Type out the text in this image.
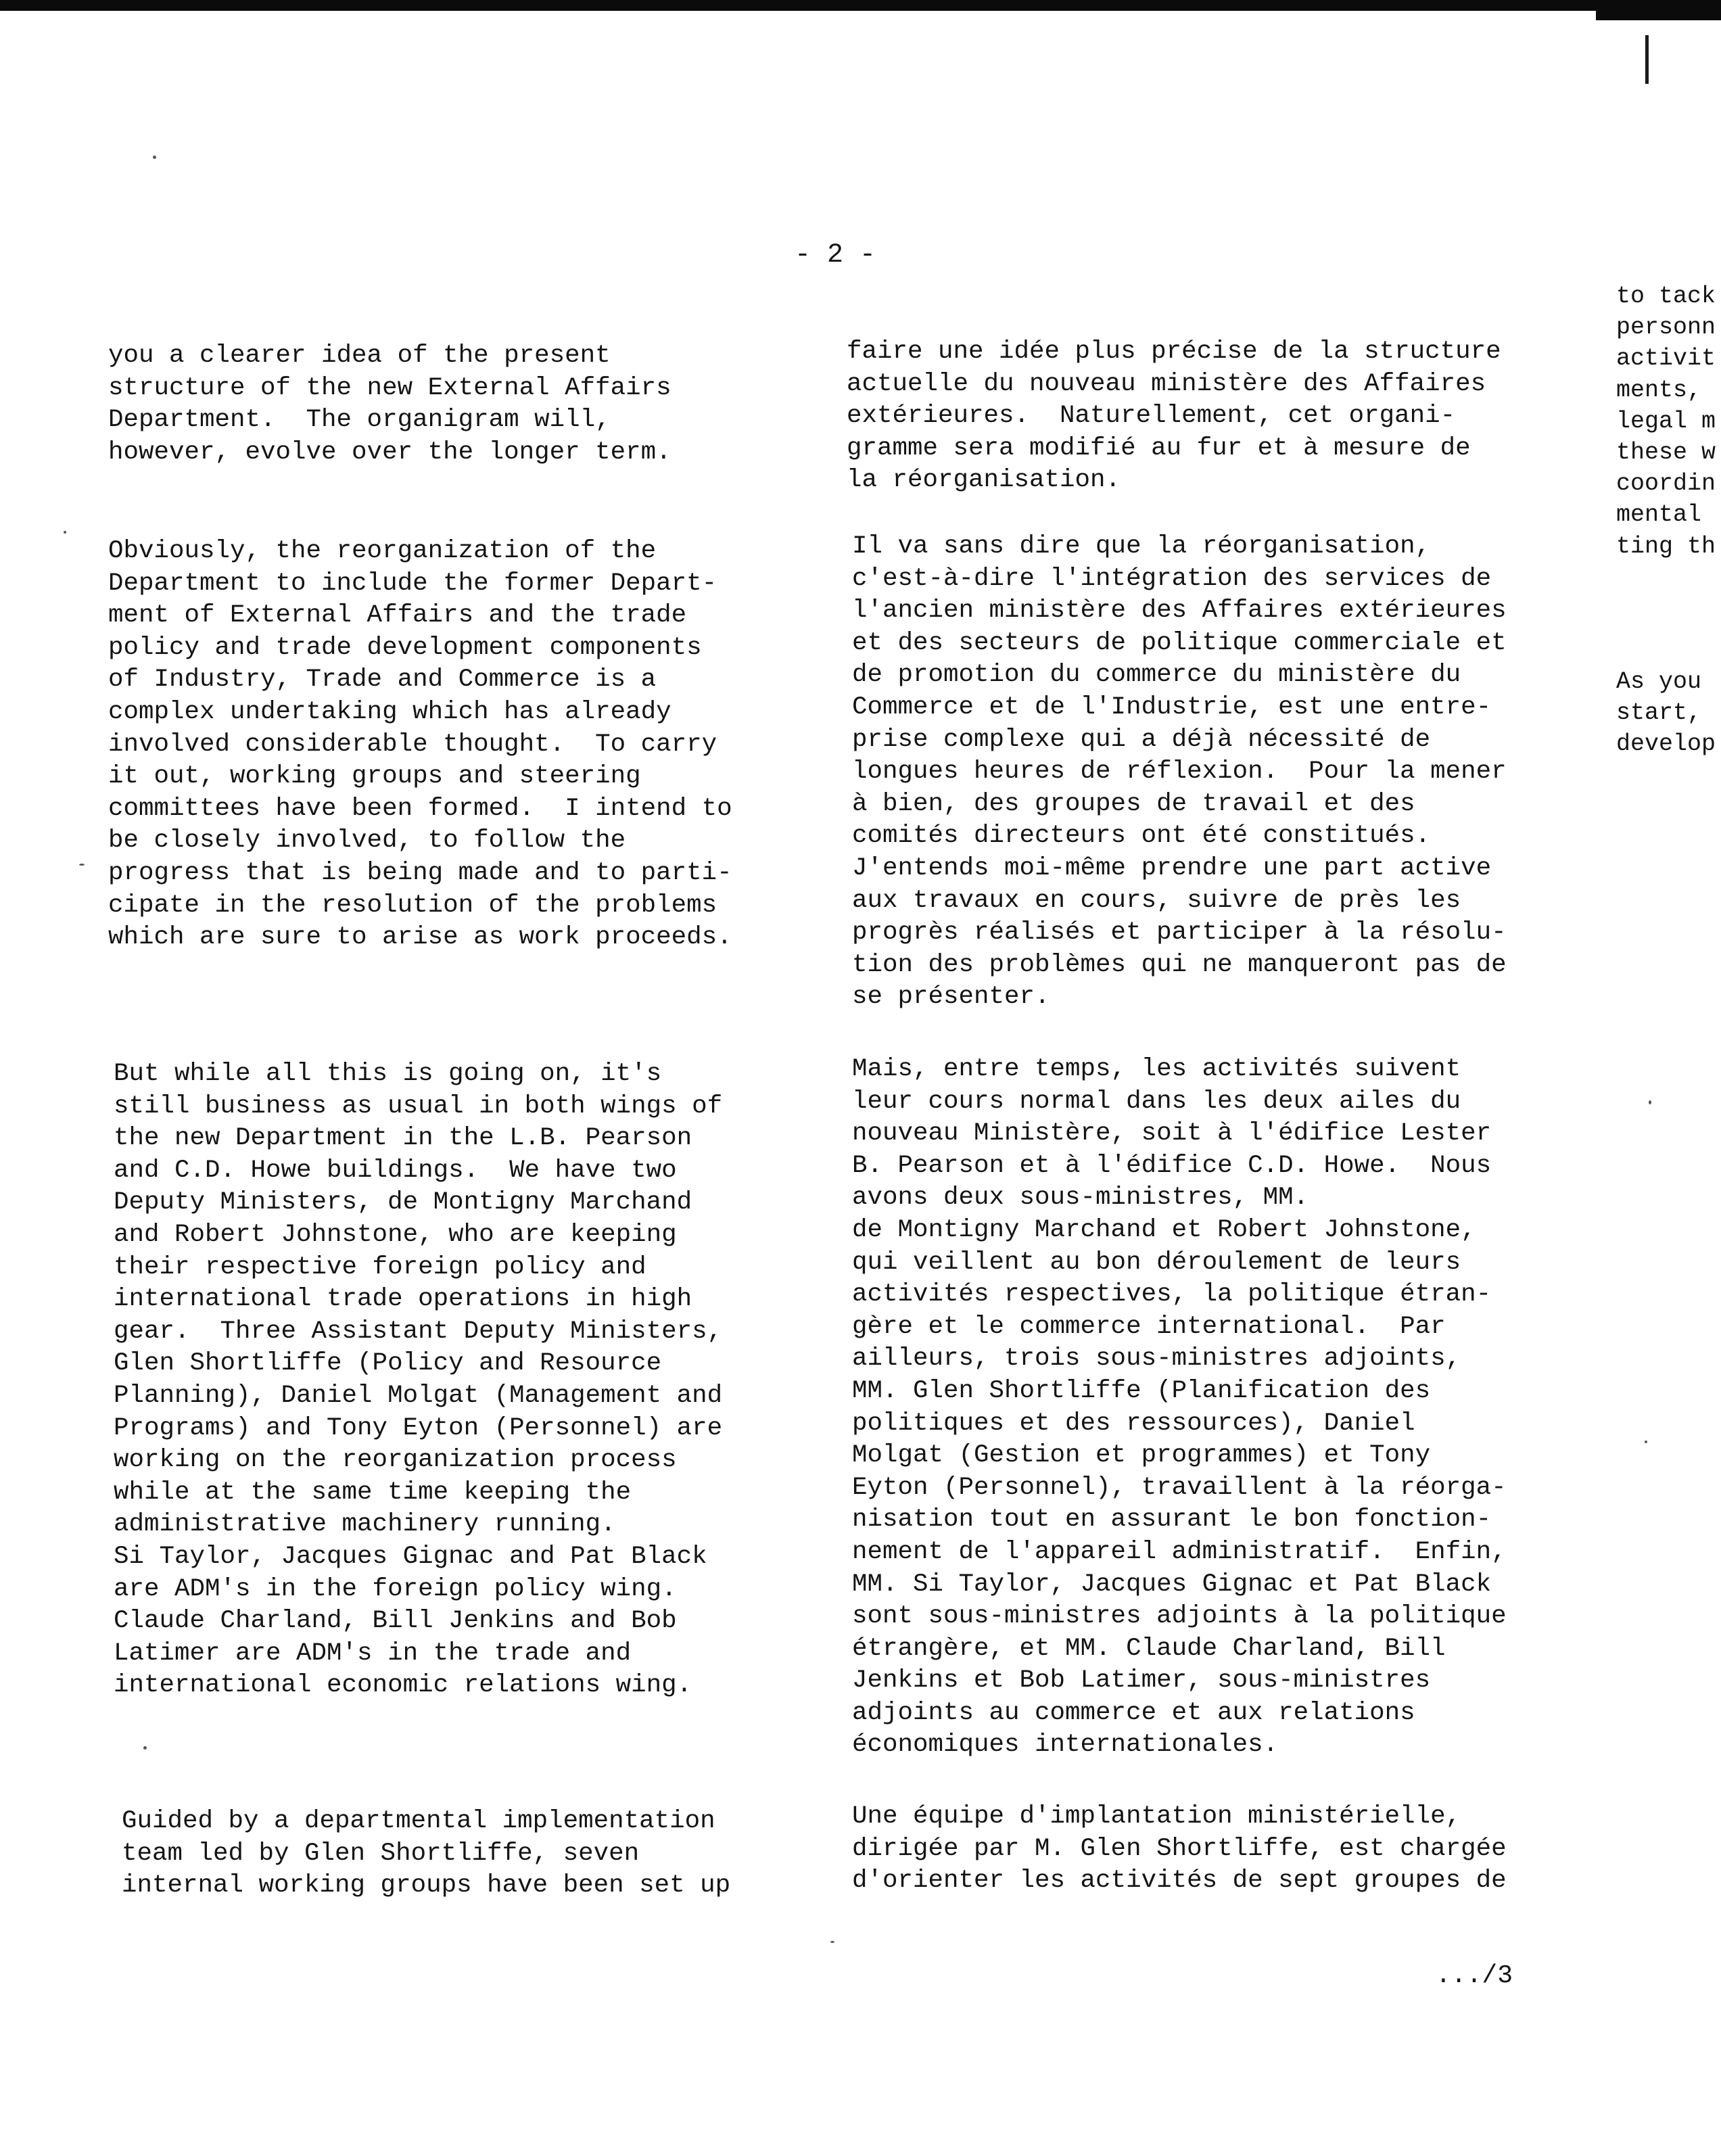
- 2 -

you a clearer idea of the present
structure of the new External Affairs
Department.  The organigram will,
however, evolve over the longer term.

Obviously, the reorganization of the
Department to include the former Depart-
ment of External Affairs and the trade
policy and trade development components
of Industry, Trade and Commerce is a
complex undertaking which has already
involved considerable thought.  To carry
it out, working groups and steering
committees have been formed.  I intend to
be closely involved, to follow the
progress that is being made and to parti-
cipate in the resolution of the problems
which are sure to arise as work proceeds.

But while all this is going on, it's
still business as usual in both wings of
the new Department in the L.B. Pearson
and C.D. Howe buildings.  We have two
Deputy Ministers, de Montigny Marchand
and Robert Johnstone, who are keeping
their respective foreign policy and
international trade operations in high
gear.  Three Assistant Deputy Ministers,
Glen Shortliffe (Policy and Resource
Planning), Daniel Molgat (Management and
Programs) and Tony Eyton (Personnel) are
working on the reorganization process
while at the same time keeping the
administrative machinery running.
Si Taylor, Jacques Gignac and Pat Black
are ADM's in the foreign policy wing.
Claude Charland, Bill Jenkins and Bob
Latimer are ADM's in the trade and
international economic relations wing.

Guided by a departmental implementation
team led by Glen Shortliffe, seven
internal working groups have been set up

faire une idée plus précise de la structure
actuelle du nouveau ministère des Affaires
extérieures.  Naturellement, cet organi-
gramme sera modifié au fur et à mesure de
la réorganisation.

Il va sans dire que la réorganisation,
c'est-à-dire l'intégration des services de
l'ancien ministère des Affaires extérieures
et des secteurs de politique commerciale et
de promotion du commerce du ministère du
Commerce et de l'Industrie, est une entre-
prise complexe qui a déjà nécessité de
longues heures de réflexion.  Pour la mener
à bien, des groupes de travail et des
comités directeurs ont été constitués.
J'entends moi-même prendre une part active
aux travaux en cours, suivre de près les
progrès réalisés et participer à la résolu-
tion des problèmes qui ne manqueront pas de
se présenter.

Mais, entre temps, les activités suivent
leur cours normal dans les deux ailes du
nouveau Ministère, soit à l'édifice Lester
B. Pearson et à l'édifice C.D. Howe.  Nous
avons deux sous-ministres, MM.
de Montigny Marchand et Robert Johnstone,
qui veillent au bon déroulement de leurs
activités respectives, la politique étran-
gère et le commerce international.  Par
ailleurs, trois sous-ministres adjoints,
MM. Glen Shortliffe (Planification des
politiques et des ressources), Daniel
Molgat (Gestion et programmes) et Tony
Eyton (Personnel), travaillent à la réorga-
nisation tout en assurant le bon fonction-
nement de l'appareil administratif.  Enfin,
MM. Si Taylor, Jacques Gignac et Pat Black
sont sous-ministres adjoints à la politique
étrangère, et MM. Claude Charland, Bill
Jenkins et Bob Latimer, sous-ministres
adjoints au commerce et aux relations
économiques internationales.

Une équipe d'implantation ministérielle,
dirigée par M. Glen Shortliffe, est chargée
d'orienter les activités de sept groupes de

to tack
personn
activit
ments,
legal m
these w
coordin
mental
ting th

As you
start,
develop

.../3
